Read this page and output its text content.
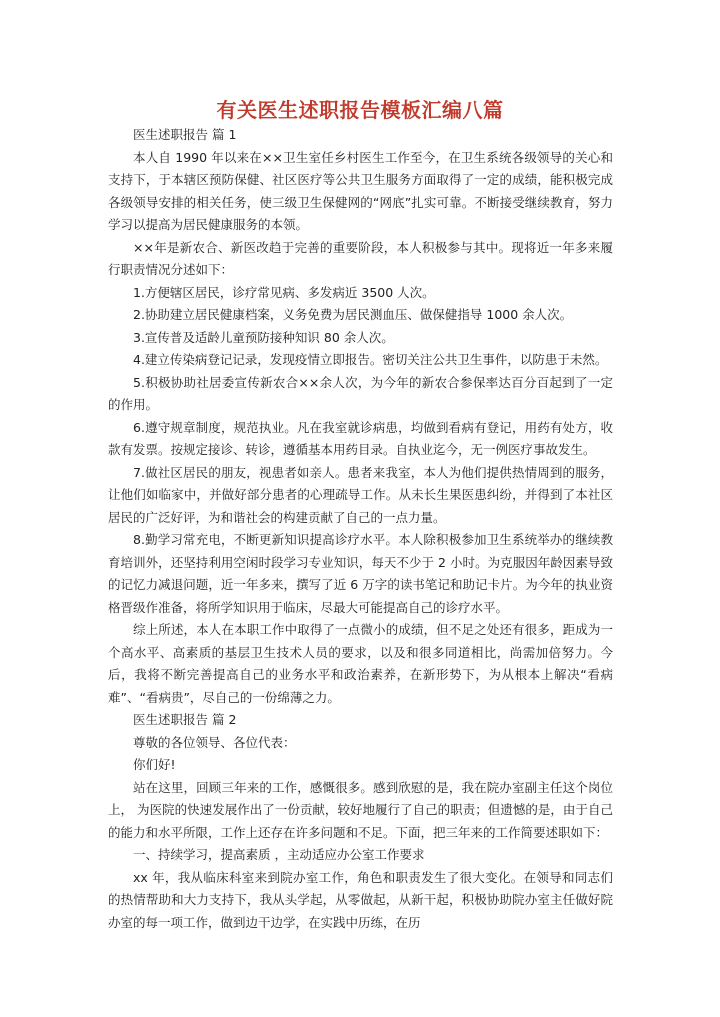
有关医生述职报告模板汇编八篇

医生述职报告 篇 1

本人自 1990 年以来在××卫生室任乡村医生工作至今，在卫生系统各级领导的关心和支持下，于本辖区预防保健、社区医疗等公共卫生服务方面取得了一定的成绩，能积极完成各级领导安排的相关任务，使三级卫生保健网的“网底”扎实可靠。不断接受继续教育，努力学习以提高为居民健康服务的本领。

××年是新农合、新医改趋于完善的重要阶段，本人积极参与其中。现将近一年多来履行职责情况分述如下：

1.方便辖区居民，诊疗常见病、多发病近 3500 人次。

2.协助建立居民健康档案，义务免费为居民测血压、做保健指导 1000 余人次。

3.宣传普及适龄儿童预防接种知识 80 余人次。

4.建立传染病登记记录，发现疫情立即报告。密切关注公共卫生事件，以防患于未然。

5.积极协助社居委宣传新农合××余人次，为今年的新农合参保率达百分百起到了一定的作用。

6.遵守规章制度，规范执业。凡在我室就诊病患，均做到看病有登记，用药有处方，收款有发票。按规定接诊、转诊，遵循基本用药目录。自执业迄今，无一例医疗事故发生。

7.做社区居民的朋友，视患者如亲人。患者来我室，本人为他们提供热情周到的服务，让他们如临家中，并做好部分患者的心理疏导工作。从未长生果医患纠纷，并得到了本社区居民的广泛好评，为和谐社会的构建贡献了自己的一点力量。

8.勤学习常充电，不断更新知识提高诊疗水平。本人除积极参加卫生系统举办的继续教育培训外，还坚持利用空闲时段学习专业知识，每天不少于 2 小时。为克服因年龄因素导致的记忆力减退问题，近一年多来，撰写了近 6 万字的读书笔记和助记卡片。为今年的执业资格晋级作准备，将所学知识用于临床，尽最大可能提高自己的诊疗水平。

综上所述，本人在本职工作中取得了一点微小的成绩，但不足之处还有很多，距成为一个高水平、高素质的基层卫生技术人员的要求，以及和很多同道相比，尚需加倍努力。今后，我将不断完善提高自己的业务水平和政治素养，在新形势下，为从根本上解决“看病难”、“看病贵”，尽自己的一份绵薄之力。

医生述职报告 篇 2

尊敬的各位领导、各位代表：

你们好!

站在这里，回顾三年来的工作，感慨很多。感到欣慰的是，我在院办室副主任这个岗位上， 为医院的快速发展作出了一份贡献，较好地履行了自己的职责；但遗憾的是，由于自己的能力和水平所限，工作上还存在许多问题和不足。下面，把三年来的工作简要述职如下：

一、持续学习，提高素质 ，主动适应办公室工作要求

xx 年，我从临床科室来到院办室工作，角色和职责发生了很大变化。在领导和同志们的热情帮助和大力支持下，我从头学起，从零做起，从新干起，积极协助院办室主任做好院办室的每一项工作，做到边干边学，在实践中历练，在历
